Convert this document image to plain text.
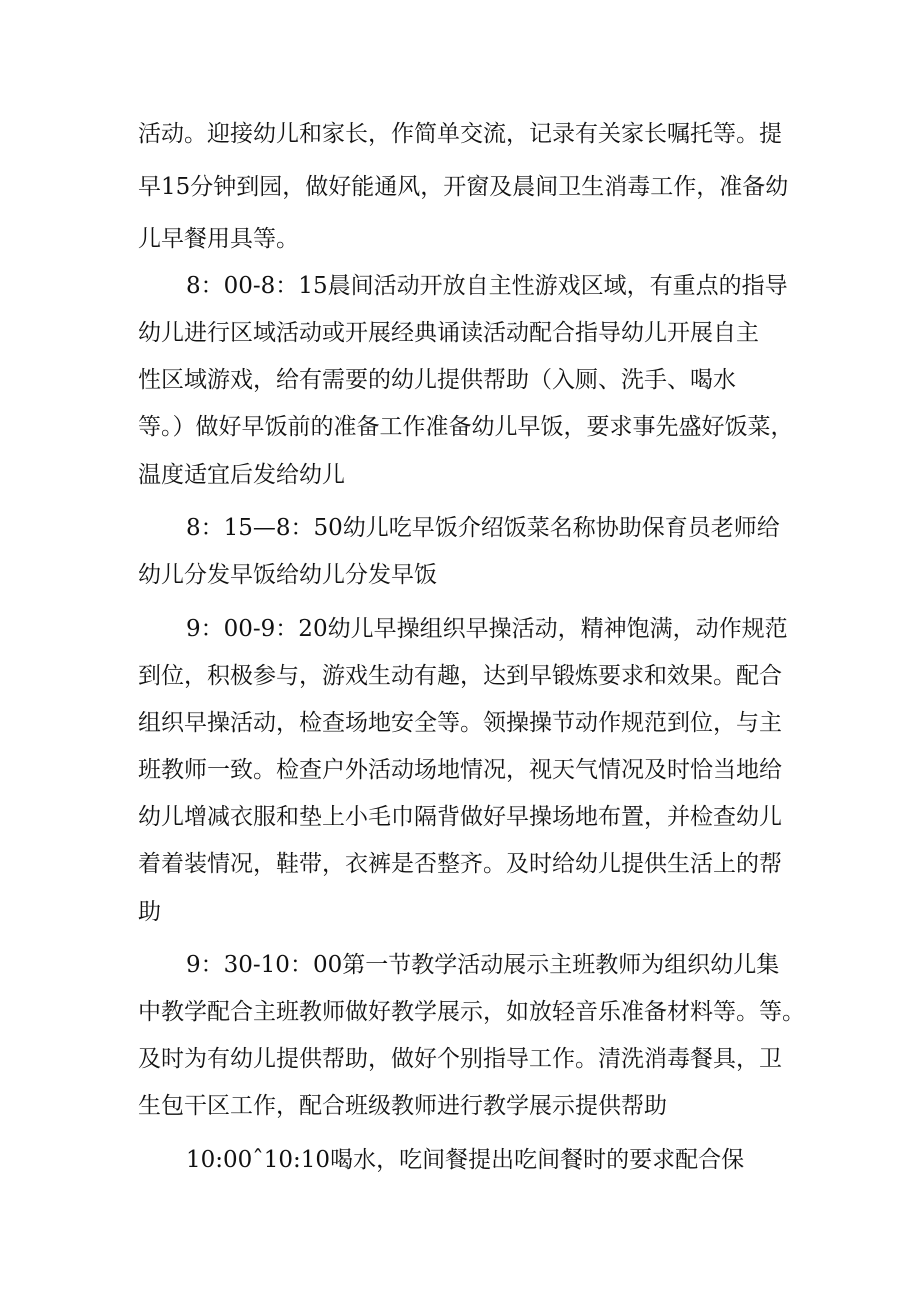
活动。迎接幼儿和家长，作简单交流，记录有关家长嘱托等。提

早15分钟到园，做好能通风，开窗及晨间卫生消毒工作，准备幼

儿早餐用具等。

8：00-8：15晨间活动开放自主性游戏区域，有重点的指导

幼儿进行区域活动或开展经典诵读活动配合指导幼儿开展自主

性区域游戏，给有需要的幼儿提供帮助（入厕、洗手、喝水

等。）做好早饭前的准备工作准备幼儿早饭，要求事先盛好饭菜，

温度适宜后发给幼儿

8：15—8：50幼儿吃早饭介绍饭菜名称协助保育员老师给

幼儿分发早饭给幼儿分发早饭

9：00-9：20幼儿早操组织早操活动，精神饱满，动作规范

到位，积极参与，游戏生动有趣，达到早锻炼要求和效果。配合

组织早操活动，检查场地安全等。领操操节动作规范到位，与主

班教师一致。检查户外活动场地情况，视天气情况及时恰当地给

幼儿增减衣服和垫上小毛巾隔背做好早操场地布置，并检查幼儿

着着装情况，鞋带，衣裤是否整齐。及时给幼儿提供生活上的帮

助

9：30-10：00第一节教学活动展示主班教师为组织幼儿集

中教学配合主班教师做好教学展示，如放轻音乐准备材料等。等。

及时为有幼儿提供帮助，做好个别指导工作。清洗消毒餐具，卫

生包干区工作，配合班级教师进行教学展示提供帮助

10:00ˆ10:10喝水，吃间餐提出吃间餐时的要求配合保
